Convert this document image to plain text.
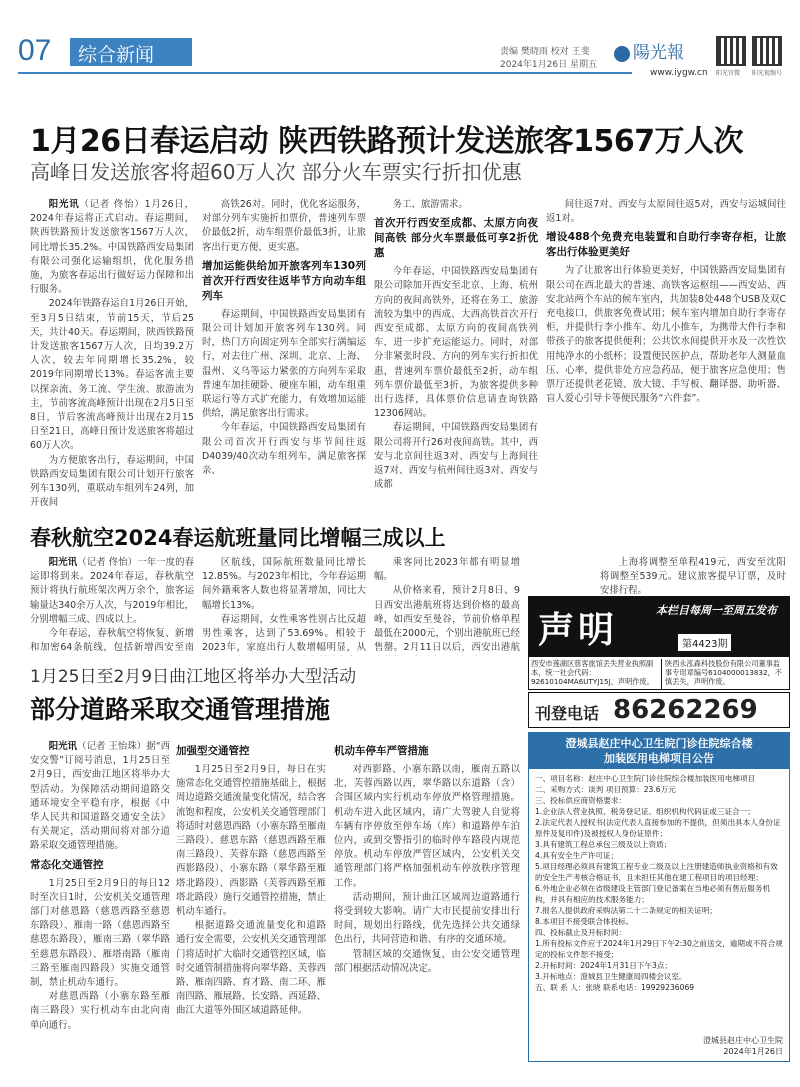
07	综合新闻	责编 樊晓雨 校对 王斐
2024年1月26日 星期五
陽光報
www.iygw.cn 阳光官微 阳光视频号
1月26日春运启动 陕西铁路预计发送旅客1567万人次
高峰日发送旅客将超60万人次 部分火车票实行折扣优惠

阳光讯（记者 佟怡）1月26日，2024年春运将正式启动。春运期间，陕西铁路预计发送旅客1567万人次，同比增长35.2%。中国铁路西安局集团有限公司强化运输组织，优化服务措施，为旅客春运出行做好运力保障和出行服务。

2024年铁路春运自1月26日开始，至3月5日结束，节前15天，节后25天，共计40天。春运期间，陕西铁路预计发送旅客1567万人次，日均39.2万人次，较去年同期增长35.2%，较2019年同期增长13%。春运客流主要以探亲流、务工流、学生流、旅游流为主，节前客流高峰预计出现在2月5日至8日，节后客流高峰预计出现在2月15日至21日，高峰日预计发送旅客将超过60万人次。

为方便旅客出行，春运期间，中国铁路西安局集团有限公司计划开行旅客列车130列，重联动车组列车24列，加开夜间

高铁26对。同时，优化客运服务，对部分列车实施折扣票价，普速列车票价最低2折，动车组票价最低3折，让旅客出行更方便、更实惠。

增加运能供给加开旅客列车130列 首次开行西安往返毕节方向动车组列车

春运期间，中国铁路西安局集团有限公司计划加开旅客列车130列。同时，热门方向固定列车全部实行满编运行，对去往广州、深圳、北京、上海、温州、义乌等运力紧张的方向列车采取普速车加挂硬卧、硬座车厢，动车组重联运行等方式扩充能力，有效增加运能供给，满足旅客出行需求。

今年春运，中国铁路西安局集团有限公司首次开行西安与毕节间往返D4039/40次动车组列车，满足旅客探亲、

务工、旅游需求。

首次开行西安至成都、太原方向夜间高铁 部分火车票最低可享2折优惠

今年春运，中国铁路西安局集团有限公司除加开西安至北京、上海、杭州方向的夜间高铁外，还将在务工、旅游流较为集中的西成、大西高铁首次开行西安至成都、太原方向的夜间高铁列车，进一步扩充运能运力。同时，对部分非紧张时段、方向的列车实行折扣优惠，普速列车票价最低至2折，动车组列车票价最低至3折，为旅客提供多种出行选择，具体票价信息请查询铁路12306网站。

春运期间，中国铁路西安局集团有限公司将开行26对夜间高铁。其中，西安与北京间往返3对、西安与上海间往返7对、西安与杭州间往返3对、西安与成都

间往返7对、西安与太原间往返5对，西安与运城间往返1对。

增设488个免费充电装置和自助行李寄存柜，让旅客出行体验更美好

为了让旅客出行体验更美好，中国铁路西安局集团有限公司在西北最大的普速、高铁客运枢纽——西安站、西安北站两个车站的候车室内，共加装8处448个USB及双C充电接口，供旅客免费试用；候车室内增加自助行李寄存柜，并提供行李小推车、幼儿小推车，为携带大件行李和带孩子的旅客提供便利；公共饮水间提供开水及一次性饮用纯净水的小纸杯；设置便民医护点，帮助老年人测量血压、心率，提供非处方应急药品，便于旅客应急使用；售票厅还提供老花镜、放大镜、手写板、翻译器、助听器、盲人爱心引导卡等便民服务“六件套”。

春秋航空2024春运航班量同比增幅三成以上

阳光讯（记者 佟怡）一年一度的春运即将到来。2024年春运，春秋航空预计将执行航班架次两万余个，旅客运输量达340余万人次，与2019年相比，分别增幅三成、四成以上。

今年春运，春秋航空将恢复、新增和加密64条航线，包括新增西安至南

区航线，国际航班数量同比增长12.85%。与2023年相比，今年春运期间外籍乘客人数也将显著增加，同比大幅增长13%。

春运期间，女性乘客性别占比反超男性乘客，达到了53.69%。相较于2023年，家庭出行人数增幅明显，从

乘客同比2023年都有明显增幅。

从价格来看，预计2月8日、9日西安出港航班将达到价格的最高峰，如西安至曼谷，节前价格单程最低在2000元，个别出港航班已经售罄。2月11日以后，西安出港航

上海将调整至单程419元，西安至沈阳将调整至539元。建议旅客提早订票，及时安排行程。

1月25日至2月9日曲江地区将举办大型活动
部分道路采取交通管理措施

阳光讯（记者 王怡珠）据“西安交警”订阅号消息，1月25日至2月9日，西安曲江地区将举办大型活动。为保障活动期间道路交通环境安全平稳有序，根据《中华人民共和国道路交通安全法》有关规定，活动期间将对部分道路采取交通管理措施。

常态化交通管控

1月25日至2月9日的每日12时至次日1时，公安机关交通管理部门对慈恩路（慈恩西路至慈恩东路段）、雁南一路（慈恩西路至慈恩东路段），雁南三路（翠华路至慈恩东路段）、雁塔南路（雁南三路至雁南四路段）实施交通管制，禁止机动车通行。

对慈恩西路（小寨东路至雁南三路段）实行机动车由北向南单向通行。

加强型交通管控

1月25日至2月9日，每日在实施常态化交通管控措施基础上，根据周边道路交通流量变化情况，结合客流饱和程度，公安机关交通管理部门将适时对慈恩西路（小寨东路至雁南三路段）、慈恩东路（慈恩西路至雁南三路段）、芙蓉东路（慈恩西路至西影路段）、小寨东路（翠华路至雁塔北路段）、西影路（芙蓉西路至雁塔北路段）施行交通管控措施，禁止机动车通行。

根据道路交通流量变化和道路通行安全需要，公安机关交通管理部门将适时扩大临时交通管控区域，临时交通管制措施将向翠华路、芙蓉西路、雁南四路、育才路、南二环、雁南四路、雁展路、长安路、西延路、曲江大道等外围区域道路延伸。

机动车停车严管措施

对西影路、小寨东路以南，雁南五路以北，芙蓉西路以西，翠华路以东道路（含）合围区域内实行机动车停放严格管理措施。机动车进入此区域内，请广大驾驶人自觉将车辆有序停放至停车场（库）和道路停车泊位内，或到交警指引的临时停车路段内规范停放。机动车停放严管区域内，公安机关交通管理部门将严格加强机动车停放秩序管理工作。

活动期间，预计曲江区域周边道路通行将受到较大影响。请广大市民提前安排出行时间，规划出行路线，优先选择公共交通绿色出行，共同营造和谐、有序的交通环境。

管制区域的交通恢复，由公安交通管理部门根据活动情况决定。

声明	本栏目每周一至周五发布
第4423期
西安市莲湖区慈客旅馆丢失营业执照副本，统一社会代码：92610104MA6UTYJ15J，声明作废。
陕西永泓森科技股份有限公司董事监事专用章编号6104000013832，不慎丢失，声明作废。
刊登电话 86262269
澄城县赵庄中心卫生院门诊住院综合楼
加装医用电梯项目公告
一、项目名称：赵庄中心卫生院门诊住院综合楼加装医用电梯项目
二、采购方式：谈判 项目预算：23.6万元
三、投标供应商资格要求：
1.企业法人营业执照、税务登记证、组织机构代码证或三证合一；
2.法定代表人授权书(法定代表人直接参加的不提供，但须出具本人身份证原件及复印件)及被授权人身份证原件；
3.具有建筑工程总承包三级及以上资质；
4.具有安全生产许可证；
5.项目经理必须具有建筑工程专业二级及以上注册建造师执业资格和有效的安全生产考核合格证书，且未担任其他在建工程项目的项目经理；
6.外地企业必须在省级建设主管部门登记备案在当地必须有售后服务机构，并具有相应的技术服务能力；
7.报名人提供政府采购法第二十二条规定的相关证明；
8.本项目不接受联合体投标。
四、投标截止及开标时间：
1.所有投标文件应于2024年1月29日下午2:30之前送交，逾期或不符合规定的投标文件恕不接受；
2.开标时间：2024年1月31日下午3点；
3.开标地点：澄城县卫生健康局四楼会议室。
五、联 系 人：张晓 联系电话：19929236069
澄城县赵庄中心卫生院
2024年1月26日
